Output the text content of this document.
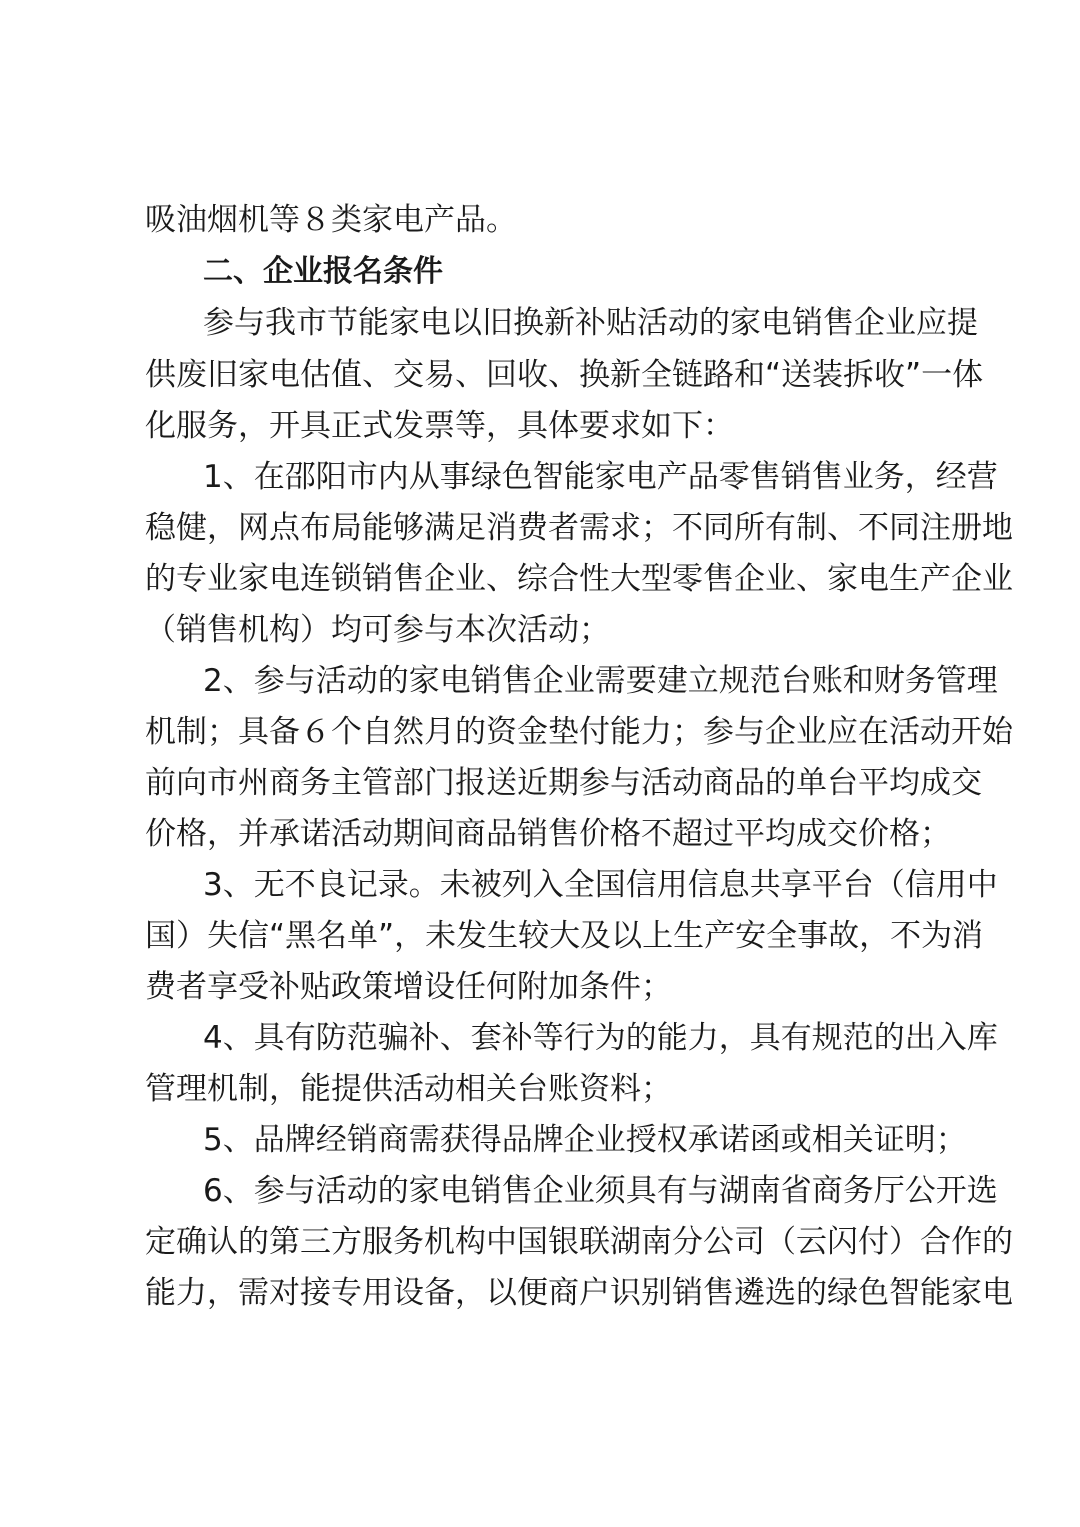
吸油烟机等８类家电产品。
二、企业报名条件
参与我市节能家电以旧换新补贴活动的家电销售企业应提
供废旧家电估值、交易、回收、换新全链路和“送装拆收”一体
化服务，开具正式发票等，具体要求如下：
1、在邵阳市内从事绿色智能家电产品零售销售业务，经营
稳健，网点布局能够满足消费者需求；不同所有制、不同注册地
的专业家电连锁销售企业、综合性大型零售企业、家电生产企业
（销售机构）均可参与本次活动；
2、参与活动的家电销售企业需要建立规范台账和财务管理
机制；具备６个自然月的资金垫付能力；参与企业应在活动开始
前向市州商务主管部门报送近期参与活动商品的单台平均成交
价格，并承诺活动期间商品销售价格不超过平均成交价格；
3、无不良记录。未被列入全国信用信息共享平台（信用中
国）失信“黑名单”，未发生较大及以上生产安全事故，不为消
费者享受补贴政策增设任何附加条件；
4、具有防范骗补、套补等行为的能力，具有规范的出入库
管理机制，能提供活动相关台账资料；
5、品牌经销商需获得品牌企业授权承诺函或相关证明；
6、参与活动的家电销售企业须具有与湖南省商务厅公开选
定确认的第三方服务机构中国银联湖南分公司（云闪付）合作的
能力，需对接专用设备，以便商户识别销售遴选的绿色智能家电
